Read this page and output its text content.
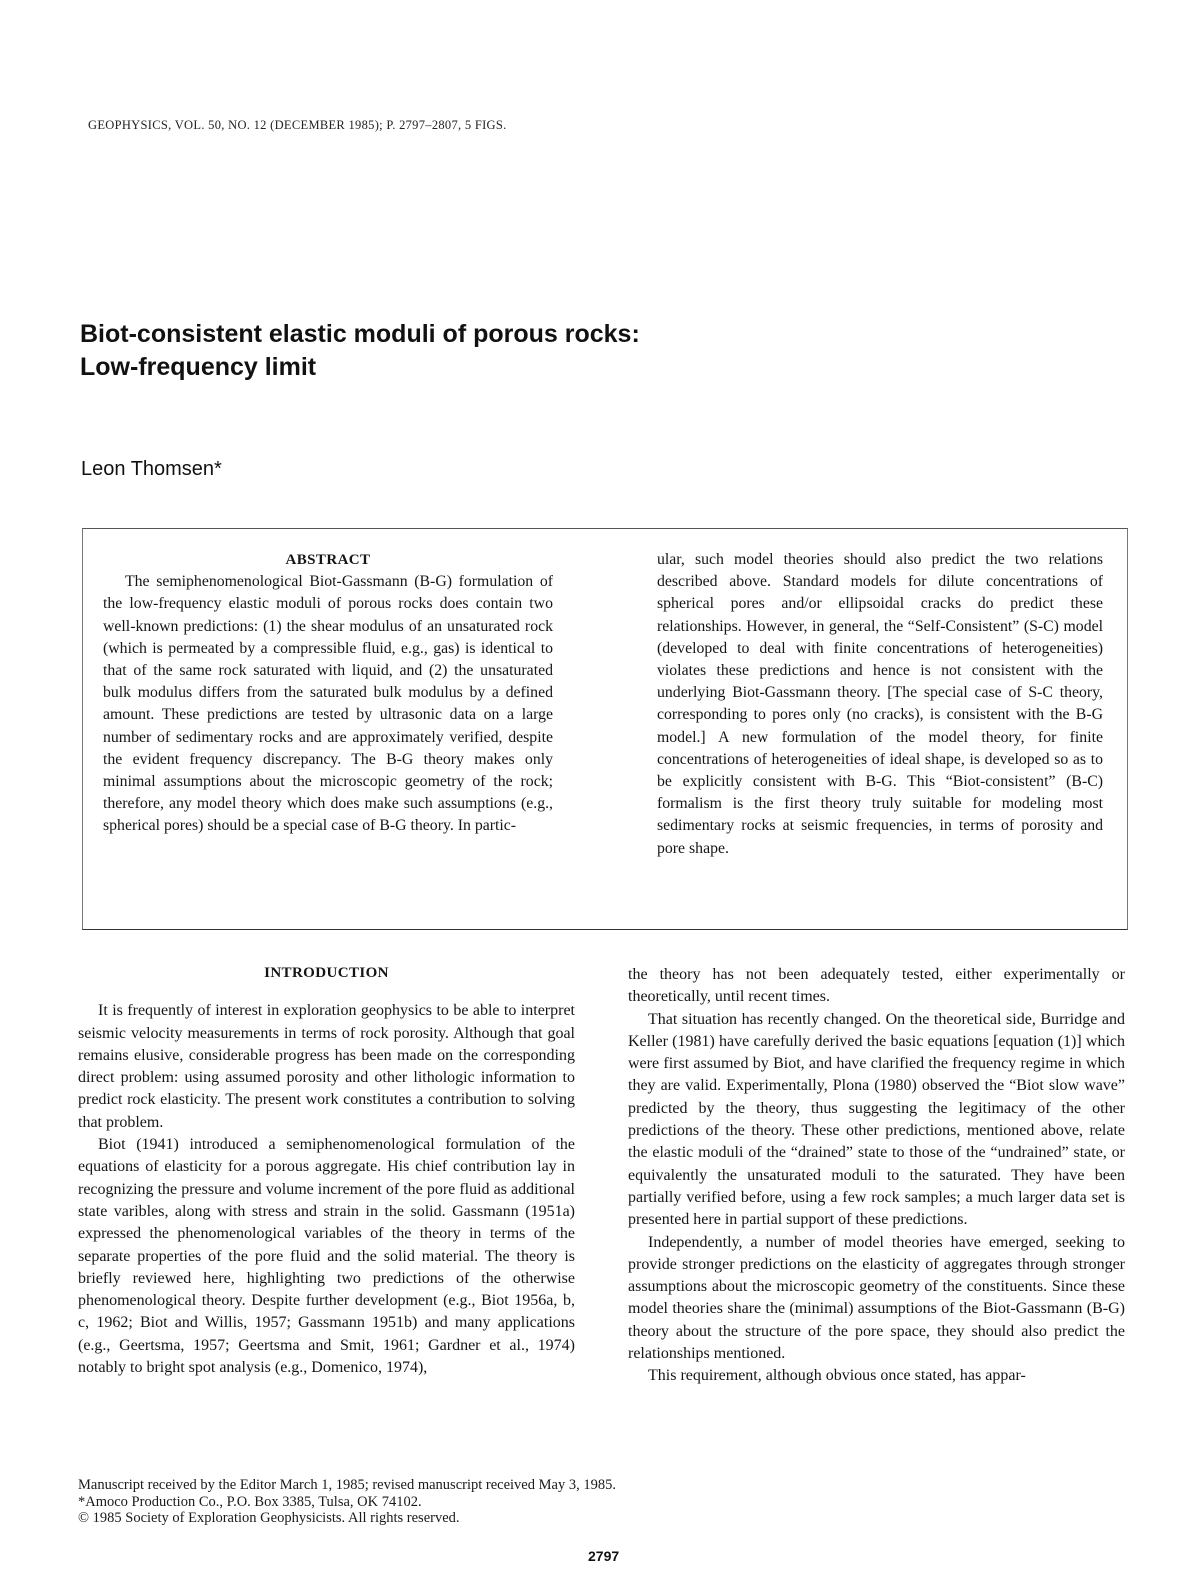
GEOPHYSICS, VOL. 50, NO. 12 (DECEMBER 1985); P. 2797–2807, 5 FIGS.
Biot-consistent elastic moduli of porous rocks:
Low-frequency limit
Leon Thomsen*
ABSTRACT

The semiphenomenological Biot-Gassmann (B-G) formulation of the low-frequency elastic moduli of porous rocks does contain two well-known predictions: (1) the shear modulus of an unsaturated rock (which is permeated by a compressible fluid, e.g., gas) is identical to that of the same rock saturated with liquid, and (2) the unsaturated bulk modulus differs from the saturated bulk modulus by a defined amount. These predictions are tested by ultrasonic data on a large number of sedimentary rocks and are approximately verified, despite the evident frequency discrepancy. The B-G theory makes only minimal assumptions about the microscopic geometry of the rock; therefore, any model theory which does make such assumptions (e.g., spherical pores) should be a special case of B-G theory. In partic-

ular, such model theories should also predict the two relations described above. Standard models for dilute concentrations of spherical pores and/or ellipsoidal cracks do predict these relationships. However, in general, the “Self-Consistent” (S-C) model (developed to deal with finite concentrations of heterogeneities) violates these predictions and hence is not consistent with the underlying Biot-Gassmann theory. [The special case of S-C theory, corresponding to pores only (no cracks), is consistent with the B-G model.] A new formulation of the model theory, for finite concentrations of heterogeneities of ideal shape, is developed so as to be explicitly consistent with B-G. This “Biot-consistent” (B-C) formalism is the first theory truly suitable for modeling most sedimentary rocks at seismic frequencies, in terms of porosity and pore shape.

INTRODUCTION

It is frequently of interest in exploration geophysics to be able to interpret seismic velocity measurements in terms of rock porosity. Although that goal remains elusive, considerable progress has been made on the corresponding direct problem: using assumed porosity and other lithologic information to predict rock elasticity. The present work constitutes a contribution to solving that problem.

Biot (1941) introduced a semiphenomenological formulation of the equations of elasticity for a porous aggregate. His chief contribution lay in recognizing the pressure and volume increment of the pore fluid as additional state varibles, along with stress and strain in the solid. Gassmann (1951a) expressed the phenomenological variables of the theory in terms of the separate properties of the pore fluid and the solid material. The theory is briefly reviewed here, highlighting two predictions of the otherwise phenomenological theory. Despite further development (e.g., Biot 1956a, b, c, 1962; Biot and Willis, 1957; Gassmann 1951b) and many applications (e.g., Geertsma, 1957; Geertsma and Smit, 1961; Gardner et al., 1974) notably to bright spot analysis (e.g., Domenico, 1974),

the theory has not been adequately tested, either experimentally or theoretically, until recent times.

That situation has recently changed. On the theoretical side, Burridge and Keller (1981) have carefully derived the basic equations [equation (1)] which were first assumed by Biot, and have clarified the frequency regime in which they are valid. Experimentally, Plona (1980) observed the “Biot slow wave” predicted by the theory, thus suggesting the legitimacy of the other predictions of the theory. These other predictions, mentioned above, relate the elastic moduli of the “drained” state to those of the “undrained” state, or equivalently the unsaturated moduli to the saturated. They have been partially verified before, using a few rock samples; a much larger data set is presented here in partial support of these predictions.

Independently, a number of model theories have emerged, seeking to provide stronger predictions on the elasticity of aggregates through stronger assumptions about the microscopic geometry of the constituents. Since these model theories share the (minimal) assumptions of the Biot-Gassmann (B-G) theory about the structure of the pore space, they should also predict the relationships mentioned.

This requirement, although obvious once stated, has appar-

Manuscript received by the Editor March 1, 1985; revised manuscript received May 3, 1985.
*Amoco Production Co., P.O. Box 3385, Tulsa, OK 74102.
© 1985 Society of Exploration Geophysicists. All rights reserved.
2797
